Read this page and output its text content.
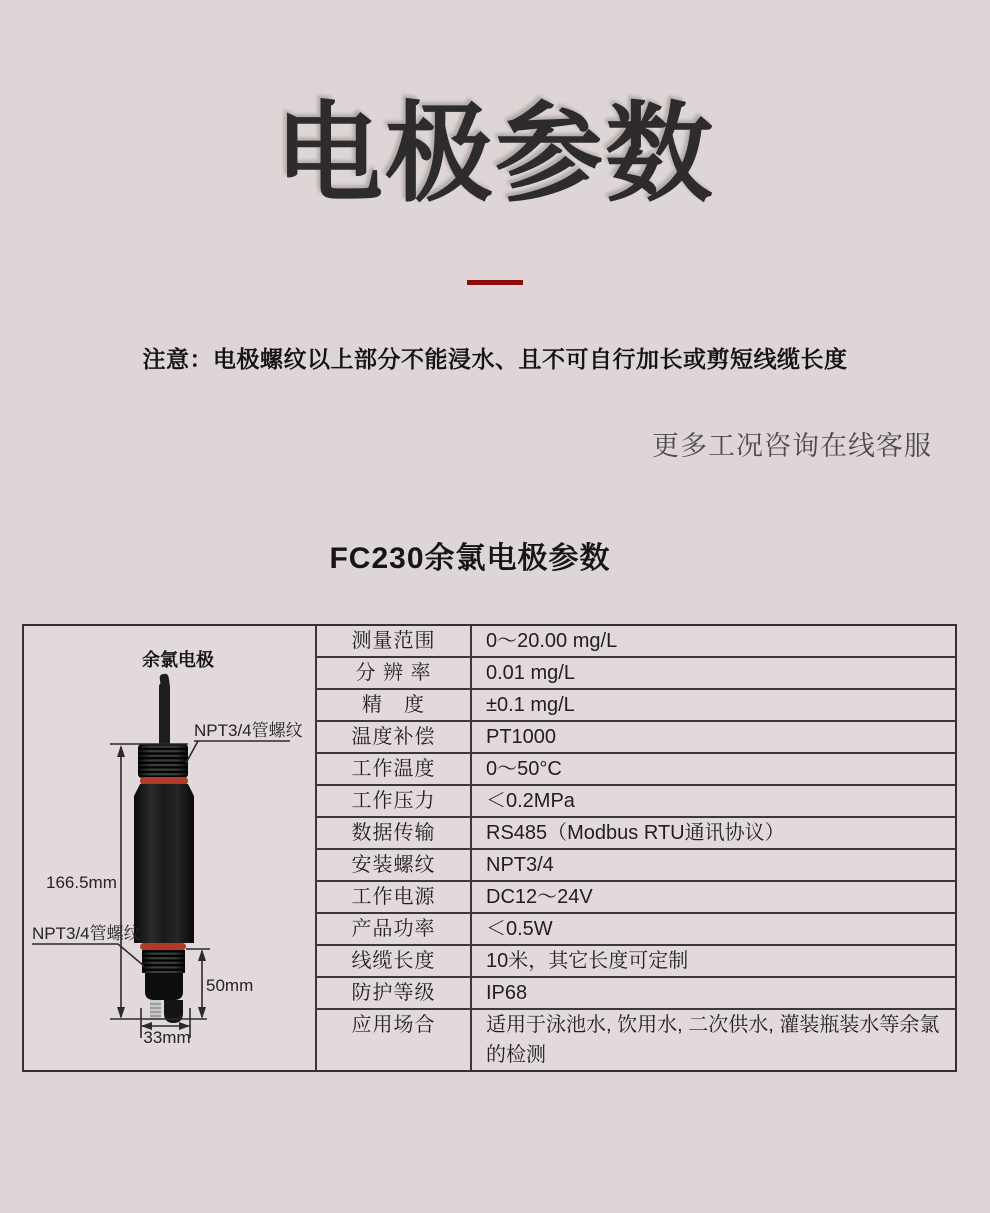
电极参数

注意：电极螺纹以上部分不能浸水、且不可自行加长或剪短线缆长度

更多工况咨询在线客服

FC230余氯电极参数
余氯电极
166.5mm
NPT3/4管螺纹
NPT3/4管螺纹
50mm
33mm
测量范围	0～20.00 mg/L
分 辨 率	0.01 mg/L
精　度	±0.1 mg/L
温度补偿	PT1000
工作温度	0～50°C
工作压力	＜0.2MPa
数据传输	RS485（Modbus RTU通讯协议）
安装螺纹	NPT3/4
工作电源	DC12～24V
产品功率	＜0.5W
线缆长度	10米，其它长度可定制
防护等级	IP68
应用场合	适用于泳池水, 饮用水, 二次供水, 灌装瓶装水等余氯的检测
